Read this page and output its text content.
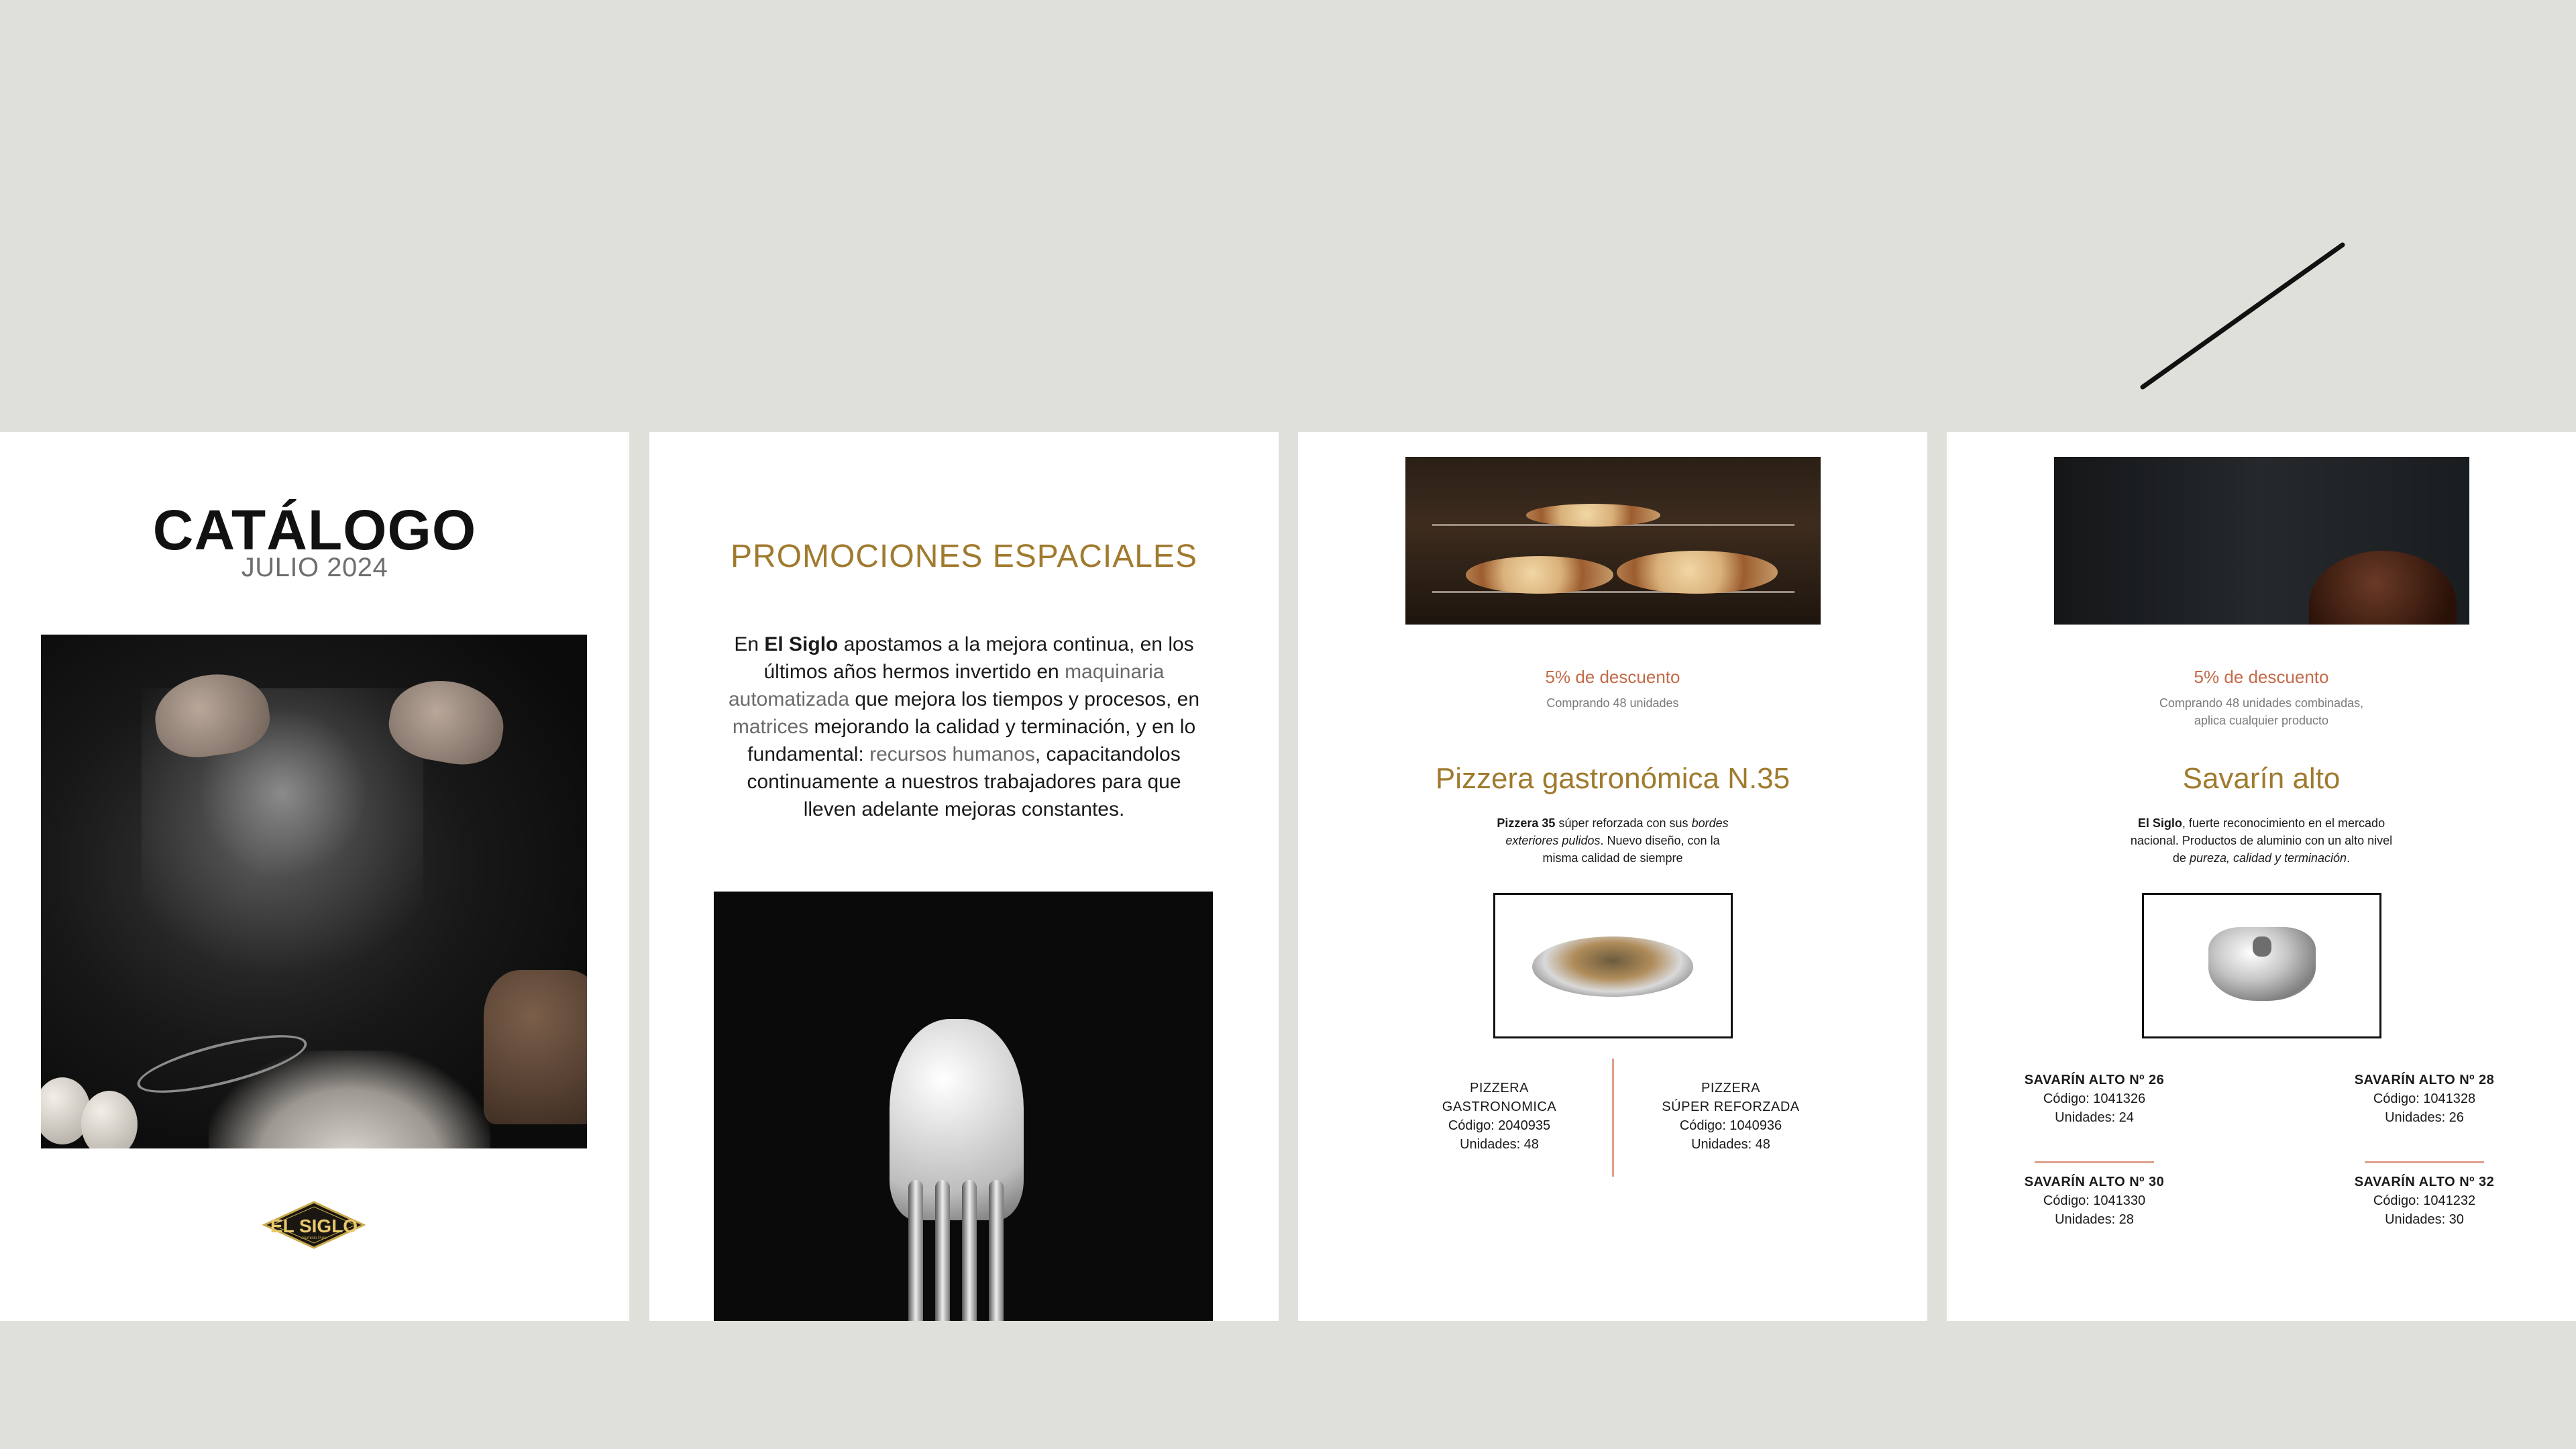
CATÁLOGO
JULIO 2024
EL SIGLO
Aluminio Puro
PROMOCIONES ESPACIALES
En El Siglo apostamos a la mejora continua, en los últimos años hermos invertido en maquinaria automatizada que mejora los tiempos y procesos, en matrices mejorando la calidad y terminación, y en lo fundamental: recursos humanos, capacitandolos continuamente a nuestros trabajadores para que lleven adelante mejoras constantes.
5% de descuento
Comprando 48 unidades
Pizzera gastronómica N.35
Pizzera 35 súper reforzada con sus bordes exteriores pulidos. Nuevo diseño, con la misma calidad de siempre
PIZZERA
GASTRONOMICA
Código: 2040935
Unidades: 48
PIZZERA
SÚPER REFORZADA
Código: 1040936
Unidades: 48
5% de descuento
Comprando 48 unidades combinadas,
aplica cualquier producto
Savarín alto
El Siglo, fuerte reconocimiento en el mercado nacional. Productos de aluminio con un alto nivel de pureza, calidad y terminación.
SAVARÍN ALTO Nº 26
Código: 1041326
Unidades: 24
SAVARÍN ALTO Nº 28
Código: 1041328
Unidades: 26
SAVARÍN ALTO Nº 30
Código: 1041330
Unidades: 28
SAVARÍN ALTO Nº 32
Código: 1041232
Unidades: 30
